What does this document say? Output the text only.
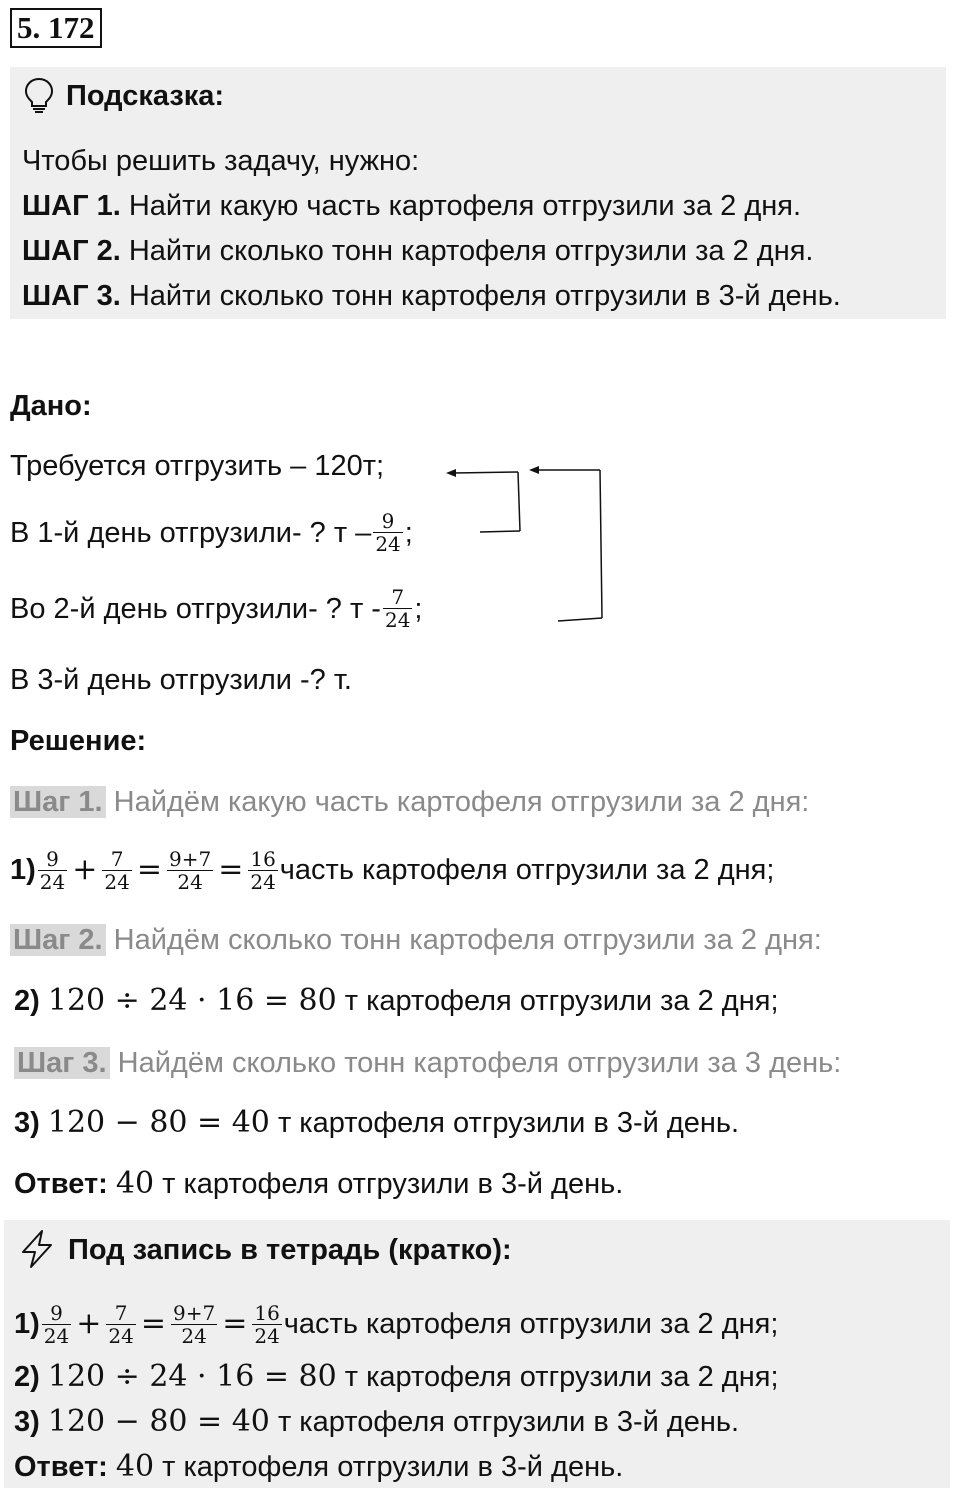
5. 172
Подсказка:
Чтобы решить задачу, нужно:
ШАГ 1. Найти какую часть картофеля отгрузили за 2 дня.
ШАГ 2. Найти сколько тонн картофеля отгрузили за 2 дня.
ШАГ 3. Найти сколько тонн картофеля отгрузили в 3-й день.
Дано:
Требуется отгрузить – 120т;
В 1-й день отгрузили- ? т – $\frac{9}{24}$ ;
Во 2-й день отгрузили- ? т - $\frac{7}{24}$ ;
В 3-й день отгрузили -? т.
Решение:
Шаг 1. Найдём какую часть картофеля отгрузили за 2 дня:
$1) \frac{9}{24} + \frac{7}{24} = \frac{9+7}{24} = \frac{16}{24}$ часть картофеля отгрузили за 2 дня;
Шаг 2. Найдём сколько тонн картофеля отгрузили за 2 дня:
2) 120 ÷ 24 · 16 = 80 т картофеля отгрузили за 2 дня;
Шаг 3. Найдём сколько тонн картофеля отгрузили за 3 день:
3) 120 − 80 = 40 т картофеля отгрузили в 3-й день.
Ответ: 40 т картофеля отгрузили в 3-й день.
Под запись в тетрадь (кратко):
$1) \frac{9}{24} + \frac{7}{24} = \frac{9+7}{24} = \frac{16}{24}$ часть картофеля отгрузили за 2 дня;
2) 120 ÷ 24 · 16 = 80 т картофеля отгрузили за 2 дня;
3) 120 − 80 = 40 т картофеля отгрузили в 3-й день.
Ответ: 40 т картофеля отгрузили в 3-й день.
